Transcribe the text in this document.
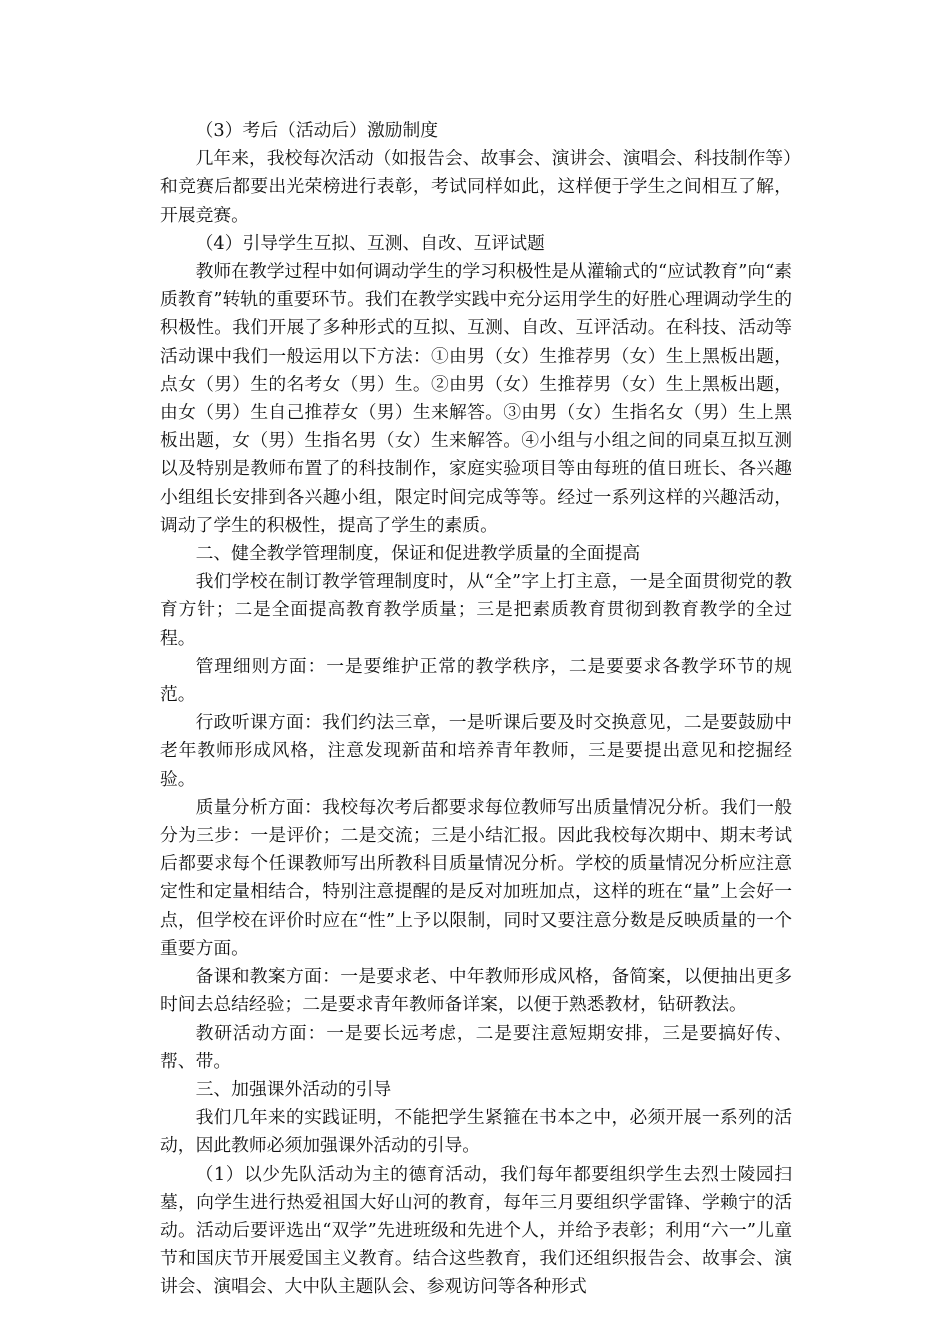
（3）考后（活动后）激励制度

几年来，我校每次活动（如报告会、故事会、演讲会、演唱会、科技制作等）和竞赛后都要出光荣榜进行表彰，考试同样如此，这样便于学生之间相互了解，开展竞赛。

（4）引导学生互拟、互测、自改、互评试题

教师在教学过程中如何调动学生的学习积极性是从灌输式的“应试教育”向“素质教育”转轨的重要环节。我们在教学实践中充分运用学生的好胜心理调动学生的积极性。我们开展了多种形式的互拟、互测、自改、互评活动。在科技、活动等活动课中我们一般运用以下方法：①由男（女）生推荐男（女）生上黑板出题，点女（男）生的名考女（男）生。②由男（女）生推荐男（女）生上黑板出题，由女（男）生自己推荐女（男）生来解答。③由男（女）生指名女（男）生上黑板出题，女（男）生指名男（女）生来解答。④小组与小组之间的同桌互拟互测以及特别是教师布置了的科技制作，家庭实验项目等由每班的值日班长、各兴趣小组组长安排到各兴趣小组，限定时间完成等等。经过一系列这样的兴趣活动，调动了学生的积极性，提高了学生的素质。

二、健全教学管理制度，保证和促进教学质量的全面提高

我们学校在制订教学管理制度时，从“全”字上打主意，一是全面贯彻党的教育方针；二是全面提高教育教学质量；三是把素质教育贯彻到教育教学的全过程。

管理细则方面：一是要维护正常的教学秩序，二是要要求各教学环节的规范。

行政听课方面：我们约法三章，一是听课后要及时交换意见，二是要鼓励中老年教师形成风格，注意发现新苗和培养青年教师，三是要提出意见和挖掘经验。

质量分析方面：我校每次考后都要求每位教师写出质量情况分析。我们一般分为三步：一是评价；二是交流；三是小结汇报。因此我校每次期中、期末考试后都要求每个任课教师写出所教科目质量情况分析。学校的质量情况分析应注意定性和定量相结合，特别注意提醒的是反对加班加点，这样的班在“量”上会好一点，但学校在评价时应在“性”上予以限制，同时又要注意分数是反映质量的一个重要方面。

备课和教案方面：一是要求老、中年教师形成风格，备简案，以便抽出更多时间去总结经验；二是要求青年教师备详案，以便于熟悉教材，钻研教法。

教研活动方面：一是要长远考虑，二是要注意短期安排，三是要搞好传、帮、带。

三、加强课外活动的引导

我们几年来的实践证明，不能把学生紧箍在书本之中，必须开展一系列的活动，因此教师必须加强课外活动的引导。

（1）以少先队活动为主的德育活动，我们每年都要组织学生去烈士陵园扫墓，向学生进行热爱祖国大好山河的教育，每年三月要组织学雷锋、学赖宁的活动。活动后要评选出“双学”先进班级和先进个人，并给予表彰；利用“六一”儿童节和国庆节开展爱国主义教育。结合这些教育，我们还组织报告会、故事会、演讲会、演唱会、大中队主题队会、参观访问等各种形式
